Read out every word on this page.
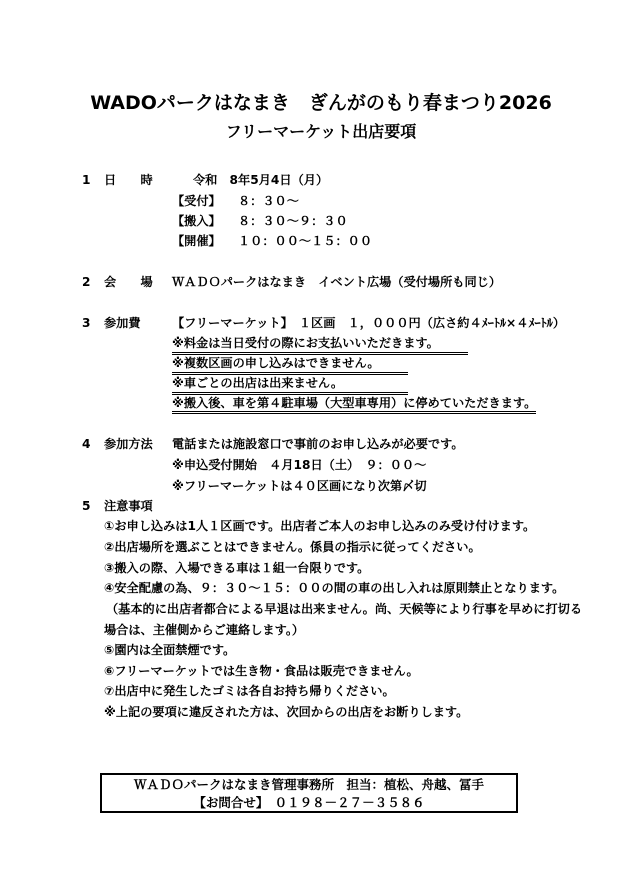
WADOパークはなまき　ぎんがのもり春まつり2026
フリーマーケット出店要項
1 日　　時	令和　8年5月4日（月）
【受付】 ８：３０～
【搬入】 ８：３０～９：３０
【開催】 １０：００～１５：００
2 会　　場 ＷＡＤＯパークはなまき　イベント広場（受付場所も同じ）
3 参加費	【フリーマーケット】　１区画　１，０００円（広さ約４ﾒｰﾄﾙ×４ﾒｰﾄﾙ）
※料金は当日受付の際にお支払いいただきます。
※複数区画の申し込みはできません。
※車ごとの出店は出来ません。
※搬入後、車を第４駐車場（大型車専用）に停めていただきます。
4 参加方法 電話または施設窓口で事前のお申し込みが必要です。
※申込受付開始　４月18日（土）　９：００～
※フリーマーケットは４０区画になり次第〆切
5 注意事項
①お申し込みは1人１区画です。出店者ご本人のお申し込みのみ受け付けます。
②出店場所を選ぶことはできません。係員の指示に従ってください。
③搬入の際、入場できる車は１組一台限りです。
④安全配慮の為、９：３０～１５：００の間の車の出し入れは原則禁止となります。
（基本的に出店者都合による早退は出来ません。尚、天候等により行事を早めに打切る
場合は、主催側からご連絡します。）
⑤園内は全面禁煙です。
⑥フリーマーケットでは生き物・食品は販売できません。
⑦出店中に発生したゴミは各自お持ち帰りください。
※上記の要項に違反された方は、次回からの出店をお断りします。
ＷＡＤＯパークはなまき管理事務所　担当：植松、舟越、冨手
【お問合せ】　０１９８－２７－３５８６
